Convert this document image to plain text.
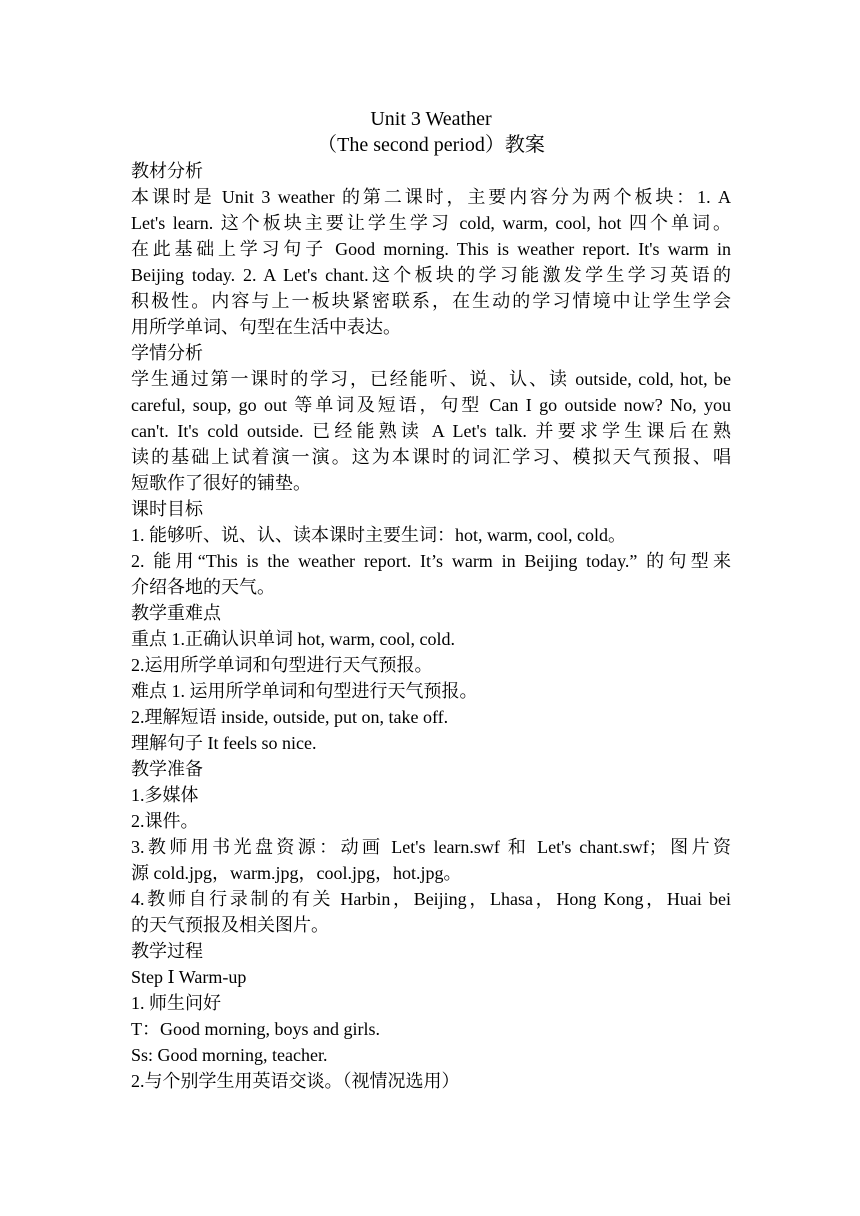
Unit 3 Weather

（The second period）教案

教材分析

本课时是 Unit 3 weather 的第二课时，主要内容分为两个板块：1. A

Let's learn. 这个板块主要让学生学习 cold, warm, cool, hot 四个单词。

在此基础上学习句子 Good morning. This is weather report. It's warm in

Beijing today. 2. A Let's chant.这个板块的学习能激发学生学习英语的

积极性。内容与上一板块紧密联系，在生动的学习情境中让学生学会

用所学单词、句型在生活中表达。

学情分析

学生通过第一课时的学习，已经能听、说、认、读 outside, cold, hot, be

careful, soup, go out 等单词及短语，句型 Can I go outside now? No, you

can't. It's cold outside. 已经能熟读 A Let's talk. 并要求学生课后在熟

读的基础上试着演一演。这为本课时的词汇学习、模拟天气预报、唱

短歌作了很好的铺垫。

课时目标

1. 能够听、说、认、读本课时主要生词：hot, warm, cool, cold。

2. 能用“This is the weather report. It’s warm in Beijing today.” 的句型来

介绍各地的天气。

教学重难点

重点 1.正确认识单词 hot, warm, cool, cold.

2.运用所学单词和句型进行天气预报。

难点 1. 运用所学单词和句型进行天气预报。

2.理解短语 inside, outside, put on, take off.

理解句子 It feels so nice.

教学准备

1.多媒体

2.课件。

3.教师用书光盘资源：动画 Let's learn.swf 和 Let's chant.swf；图片资

源 cold.jpg，warm.jpg，cool.jpg，hot.jpg。

4.教师自行录制的有关 Harbin，Beijing，Lhasa，Hong Kong，Huai bei

的天气预报及相关图片。

教学过程

Step Ⅰ Warm-up

1. 师生问好

T：Good morning, boys and girls.

Ss: Good morning, teacher.

2.与个别学生用英语交谈。（视情况选用）
